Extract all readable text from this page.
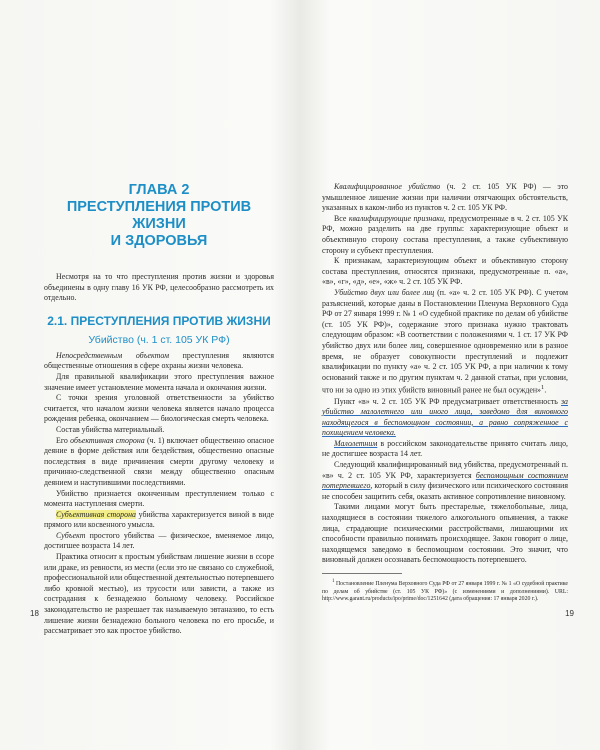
ГЛАВА 2
ПРЕСТУПЛЕНИЯ ПРОТИВ ЖИЗНИ
И ЗДОРОВЬЯ

Несмотря на то что преступления против жизни и здоровья объединены в одну главу 16 УК РФ, целесообразно рассмотреть их отдельно.

2.1. ПРЕСТУПЛЕНИЯ ПРОТИВ ЖИЗНИ
Убийство (ч. 1 ст. 105 УК РФ)

Непосредственным объектом преступления являются общественные отношения в сфере охраны жизни человека.

Для правильной квалификации этого преступления важное значение имеет установление момента начала и окончания жизни.

С точки зрения уголовной ответственности за убийство считается, что началом жизни человека является начало процесса рождения ребенка, окончанием — биологическая смерть человека.

Состав убийства материальный.

Его объективная сторона (ч. 1) включает общественно опасное деяние в форме действия или бездействия, общественно опасные последствия в виде причинения смерти другому человеку и причинно-следственной связи между общественно опасным деянием и наступившими последствиями.

Убийство признается оконченным преступлением только с момента наступления смерти.

Субъективная сторона убийства характеризуется виной в виде прямого или косвенного умысла.

Субъект простого убийства — физическое, вменяемое лицо, достигшее возраста 14 лет.

Практика относит к простым убийствам лишение жизни в ссоре или драке, из ревности, из мести (если это не связано со служебной, профессиональной или общественной деятельностью потерпевшего либо кровной местью), из трусости или зависти, а также из сострадания к безнадежно больному человеку. Российское законодательство не разрешает так называемую эвтаназию, то есть лишение жизни безнадежно больного человека по его просьбе, и рассматривает это как простое убийство.

18

Квалифицированное убийство (ч. 2 ст. 105 УК РФ) — это умышленное лишение жизни при наличии отягчающих обстоятельств, указанных в каком-либо из пунктов ч. 2 ст. 105 УК РФ.

Все квалифицирующие признаки, предусмотренные в ч. 2 ст. 105 УК РФ, можно разделить на две группы: характеризующие объект и объективную сторону состава преступления, а также субъективную сторону и субъект преступления.

К признакам, характеризующим объект и объективную сторону состава преступления, относятся признаки, предусмотренные п. «а», «в», «г», «д», «е», «ж» ч. 2 ст. 105 УК РФ.

Убийство двух или более лиц (п. «а» ч. 2 ст. 105 УК РФ). С учетом разъяснений, которые даны в Постановлении Пленума Верховного Суда РФ от 27 января 1999 г. № 1 «О судебной практике по делам об убийстве (ст. 105 УК РФ)», содержание этого признака нужно трактовать следующим образом: «В соответствии с положениями ч. 1 ст. 17 УК РФ убийство двух или более лиц, совершенное одновременно или в разное время, не образует совокупности преступлений и подлежит квалификации по пункту «а» ч. 2 ст. 105 УК РФ, а при наличии к тому оснований также и по другим пунктам ч. 2 данной статьи, при условии, что ни за одно из этих убийств виновный ранее не был осужден»$^1$.

Пункт «в» ч. 2 ст. 105 УК РФ предусматривает ответственность за убийство малолетнего или иного лица, заведомо для виновного находящегося в беспомощном состоянии, а равно сопряженное с похищением человека.

Малолетним в российском законодательстве принято считать лицо, не достигшее возраста 14 лет.

Следующий квалифицированный вид убийства, предусмотренный п. «в» ч. 2 ст. 105 УК РФ, характеризуется беспомощным состоянием потерпевшего, который в силу физического или психического состояния не способен защитить себя, оказать активное сопротивление виновному.

Такими лицами могут быть престарелые, тяжелобольные, лица, находящиеся в состоянии тяжелого алкогольного опьянения, а также лица, страдающие психическими расстройствами, лишающими их способности правильно понимать происходящее. Закон говорит о лице, находящемся заведомо в беспомощном состоянии. Это значит, что виновный должен осознавать беспомощность потерпевшего.

$^1$ Постановление Пленума Верховного Суда РФ от 27 января 1999 г. № 1 «О судебной практике по делам об убийстве (ст. 105 УК РФ)» (с изменениями и дополнениями). URL: http://www.garant.ru/products/ipo/prime/doc/1251642 (дата обращения: 17 января 2020 г.).

19
